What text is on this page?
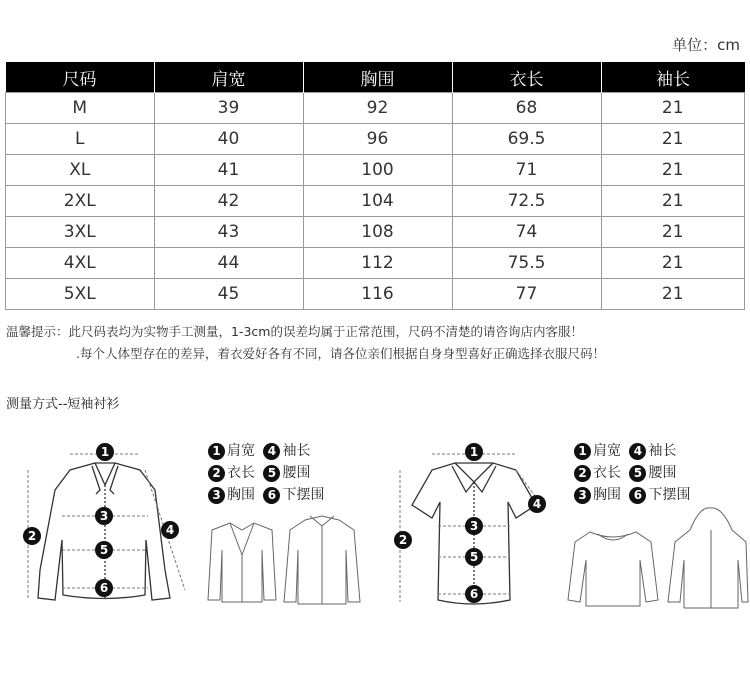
单位：cm
尺码	肩宽	胸围	衣长	袖长
M	39	92	68	21
L	40	96	69.5	21
XL	41	100	71	21
2XL	42	104	72.5	21
3XL	43	108	74	21
4XL	44	112	75.5	21
5XL	45	116	77	21
温馨提示：此尺码表均为实物手工测量，1-3cm的误差均属于正常范围，尺码不清楚的请咨询店内客服！
.每个人体型存在的差异，着衣爱好各有不同，请各位亲们根据自身身型喜好正确选择衣服尺码！
测量方式--短袖衬衫
1 肩宽 4 袖长
2 衣长 5 腰围
3 胸围 6 下摆围
1 肩宽 4 袖长
2 衣长 5 腰围
3 胸围 6 下摆围
1
2
3
4
5
6
1
2
3
4
5
6
